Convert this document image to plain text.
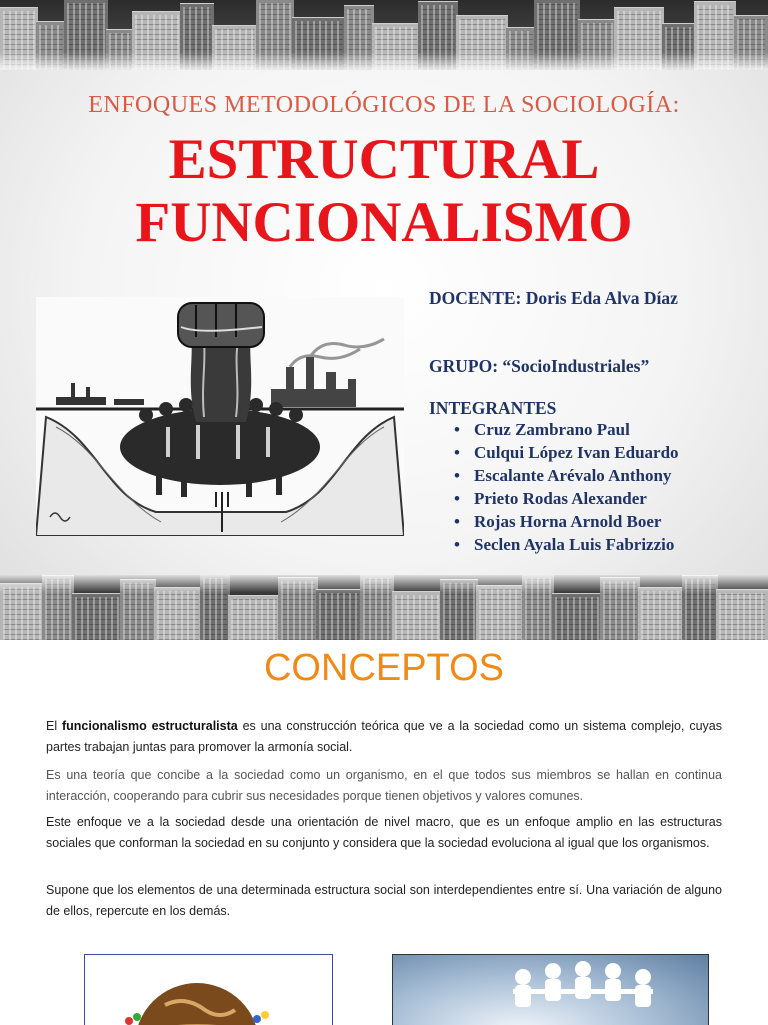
ENFOQUES METODOLÓGICOS DE LA SOCIOLOGÍA:
ESTRUCTURAL
FUNCIONALISMO
DOCENTE: Doris Eda Alva Díaz
GRUPO: “SocioIndustriales”
INTEGRANTES
• Cruz Zambrano Paul
• Culqui López Ivan Eduardo
• Escalante Arévalo Anthony
• Prieto Rodas Alexander
• Rojas Horna Arnold Boer
• Seclen Ayala Luis Fabrizzio
CONCEPTOS
El funcionalismo estructuralista es una construcción teórica que ve a la sociedad como un sistema complejo, cuyas partes trabajan juntas para promover la armonía social.
Es una teoría que concibe a la sociedad como un organismo, en el que todos sus miembros se hallan en continua interacción, cooperando para cubrir sus necesidades porque tienen objetivos y valores comunes.
Este enfoque ve a la sociedad desde una orientación de nivel macro, que es un enfoque amplio en las estructuras sociales que conforman la sociedad en su conjunto y considera que la sociedad evoluciona al igual que los organismos.
Supone que los elementos de una determinada estructura social son interdependientes entre sí. Una variación de alguno de ellos, repercute en los demás.
